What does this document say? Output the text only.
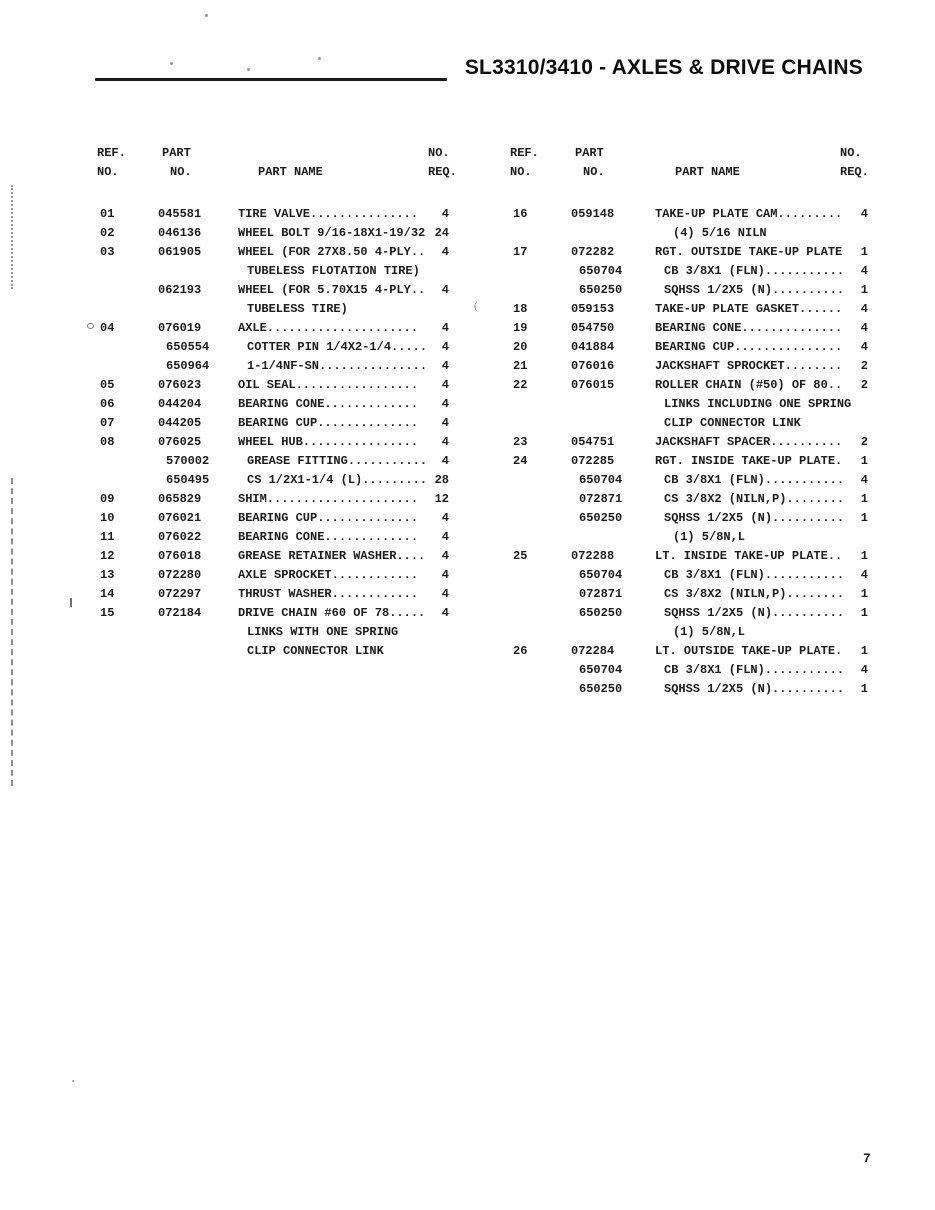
SL3310/3410 - AXLES & DRIVE CHAINS
REF.
NO.
PART
NO.	PART NAME
NO.
REQ.
01	045581	TIRE VALVE............... 4
02	046136	WHEEL BOLT 9/16-18X1-19/32 24
03	061905	WHEEL (FOR 27X8.50 4-PLY.. 4
TUBELESS FLOTATION TIRE)
062193	WHEEL (FOR 5.70X15 4-PLY.. 4
TUBELESS TIRE)
04	076019	AXLE..................... 4
650554	COTTER PIN 1/4X2-1/4..... 4
650964	1-1/4NF-SN............... 4
05	076023	OIL SEAL................. 4
06	044204	BEARING CONE............. 4
07	044205	BEARING CUP.............. 4
08	076025	WHEEL HUB................ 4
570002	GREASE FITTING........... 4
650495	CS 1/2X1-1/4 (L)......... 28
09	065829	SHIM..................... 12
10	076021	BEARING CUP.............. 4
11	076022	BEARING CONE............. 4
12	076018	GREASE RETAINER WASHER.... 4
13	072280	AXLE SPROCKET............ 4
14	072297	THRUST WASHER............ 4
15	072184	DRIVE CHAIN #60 OF 78..... 4
LINKS WITH ONE SPRING
CLIP CONNECTOR LINK
REF.
NO.
PART
NO.	PART NAME
NO.
REQ.
16	059148	TAKE-UP PLATE CAM......... 4
(4) 5/16 NILN
17	072282	RGT. OUTSIDE TAKE-UP PLATE 1
650704	CB 3/8X1 (FLN)........... 4
650250	SQHSS 1/2X5 (N).......... 1
18	059153	TAKE-UP PLATE GASKET...... 4
19	054750	BEARING CONE.............. 4
20	041884	BEARING CUP............... 4
21	076016	JACKSHAFT SPROCKET........ 2
22	076015	ROLLER CHAIN (#50) OF 80.. 2
LINKS INCLUDING ONE SPRING
CLIP CONNECTOR LINK
23	054751	JACKSHAFT SPACER.......... 2
24	072285	RGT. INSIDE TAKE-UP PLATE. 1
650704	CB 3/8X1 (FLN)........... 4
072871	CS 3/8X2 (NILN,P)........ 1
650250	SQHSS 1/2X5 (N).......... 1
(1) 5/8N,L
25	072288	LT. INSIDE TAKE-UP PLATE.. 1
650704	CB 3/8X1 (FLN)........... 4
072871	CS 3/8X2 (NILN,P)........ 1
650250	SQHSS 1/2X5 (N).......... 1
(1) 5/8N,L
26	072284	LT. OUTSIDE TAKE-UP PLATE. 1
650704	CB 3/8X1 (FLN)........... 4
650250	SQHSS 1/2X5 (N).......... 1
7
(
